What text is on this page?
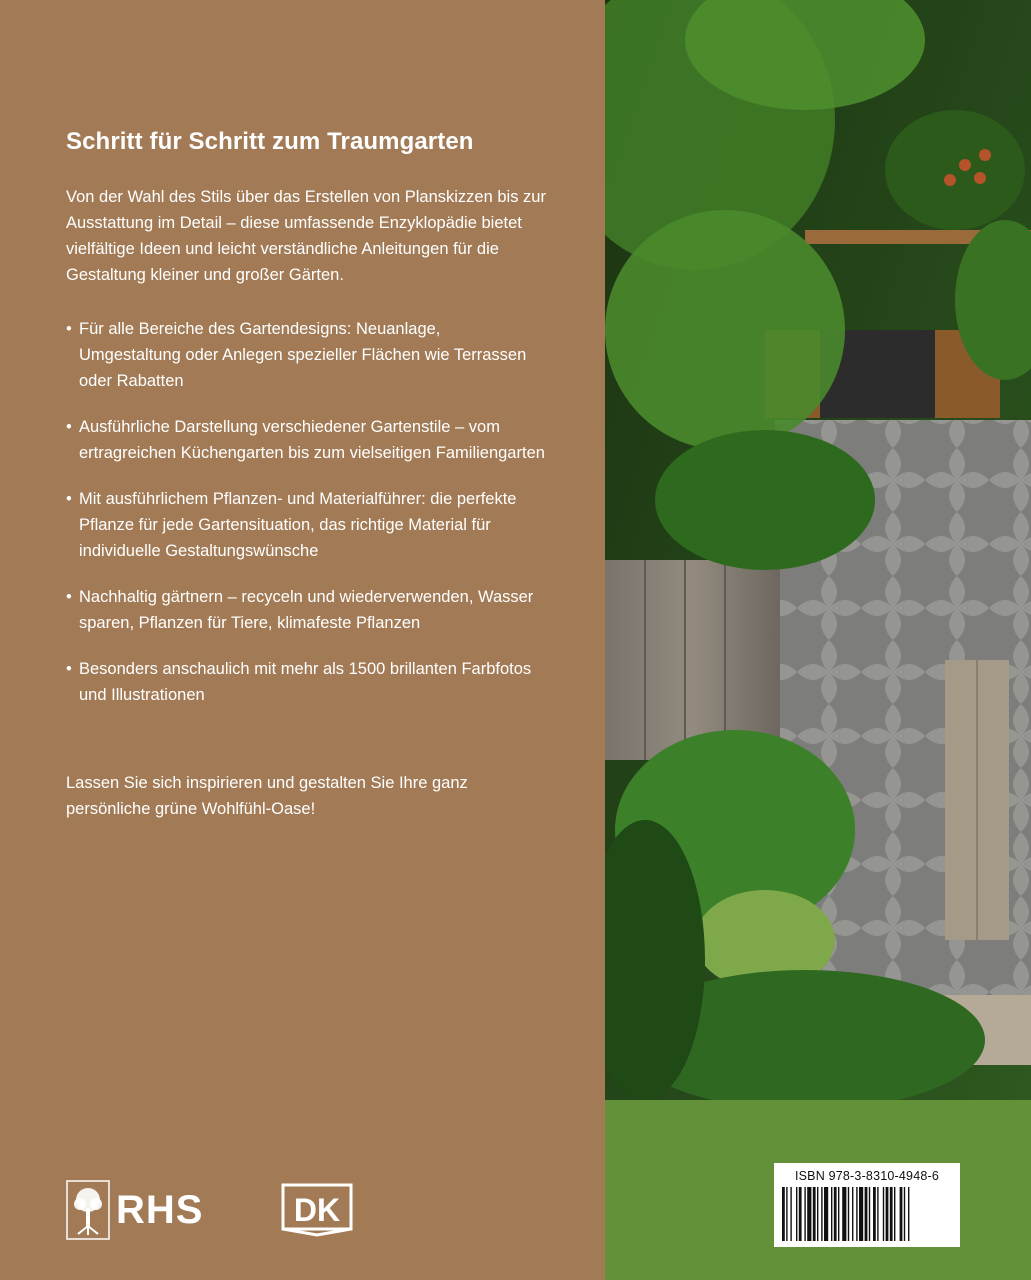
Schritt für Schritt zum Traumgarten

Von der Wahl des Stils über das Erstellen von Planskizzen bis zur Ausstattung im Detail – diese umfassende Enzyklopädie bietet vielfältige Ideen und leicht verständliche Anleitungen für die Gestaltung kleiner und großer Gärten.

• Für alle Bereiche des Gartendesigns: Neuanlage, Umgestaltung oder Anlegen spezieller Flächen wie Terrassen oder Rabatten
• Ausführliche Darstellung verschiedener Gartenstile – vom ertragreichen Küchengarten bis zum vielseitigen Familiengarten
• Mit ausführlichem Pflanzen- und Materialführer: die perfekte Pflanze für jede Gartensituation, das richtige Material für individuelle Gestaltungswünsche
• Nachhaltig gärtnern – recyceln und wiederverwenden, Wasser sparen, Pflanzen für Tiere, klimafeste Pflanzen
• Besonders anschaulich mit mehr als 1500 brillanten Farbfotos und Illustrationen

Lassen Sie sich inspirieren und gestalten Sie Ihre ganz persönliche grüne Wohlfühl-Oase!

RHS	DK
ISBN 978-3-8310-4948-6
